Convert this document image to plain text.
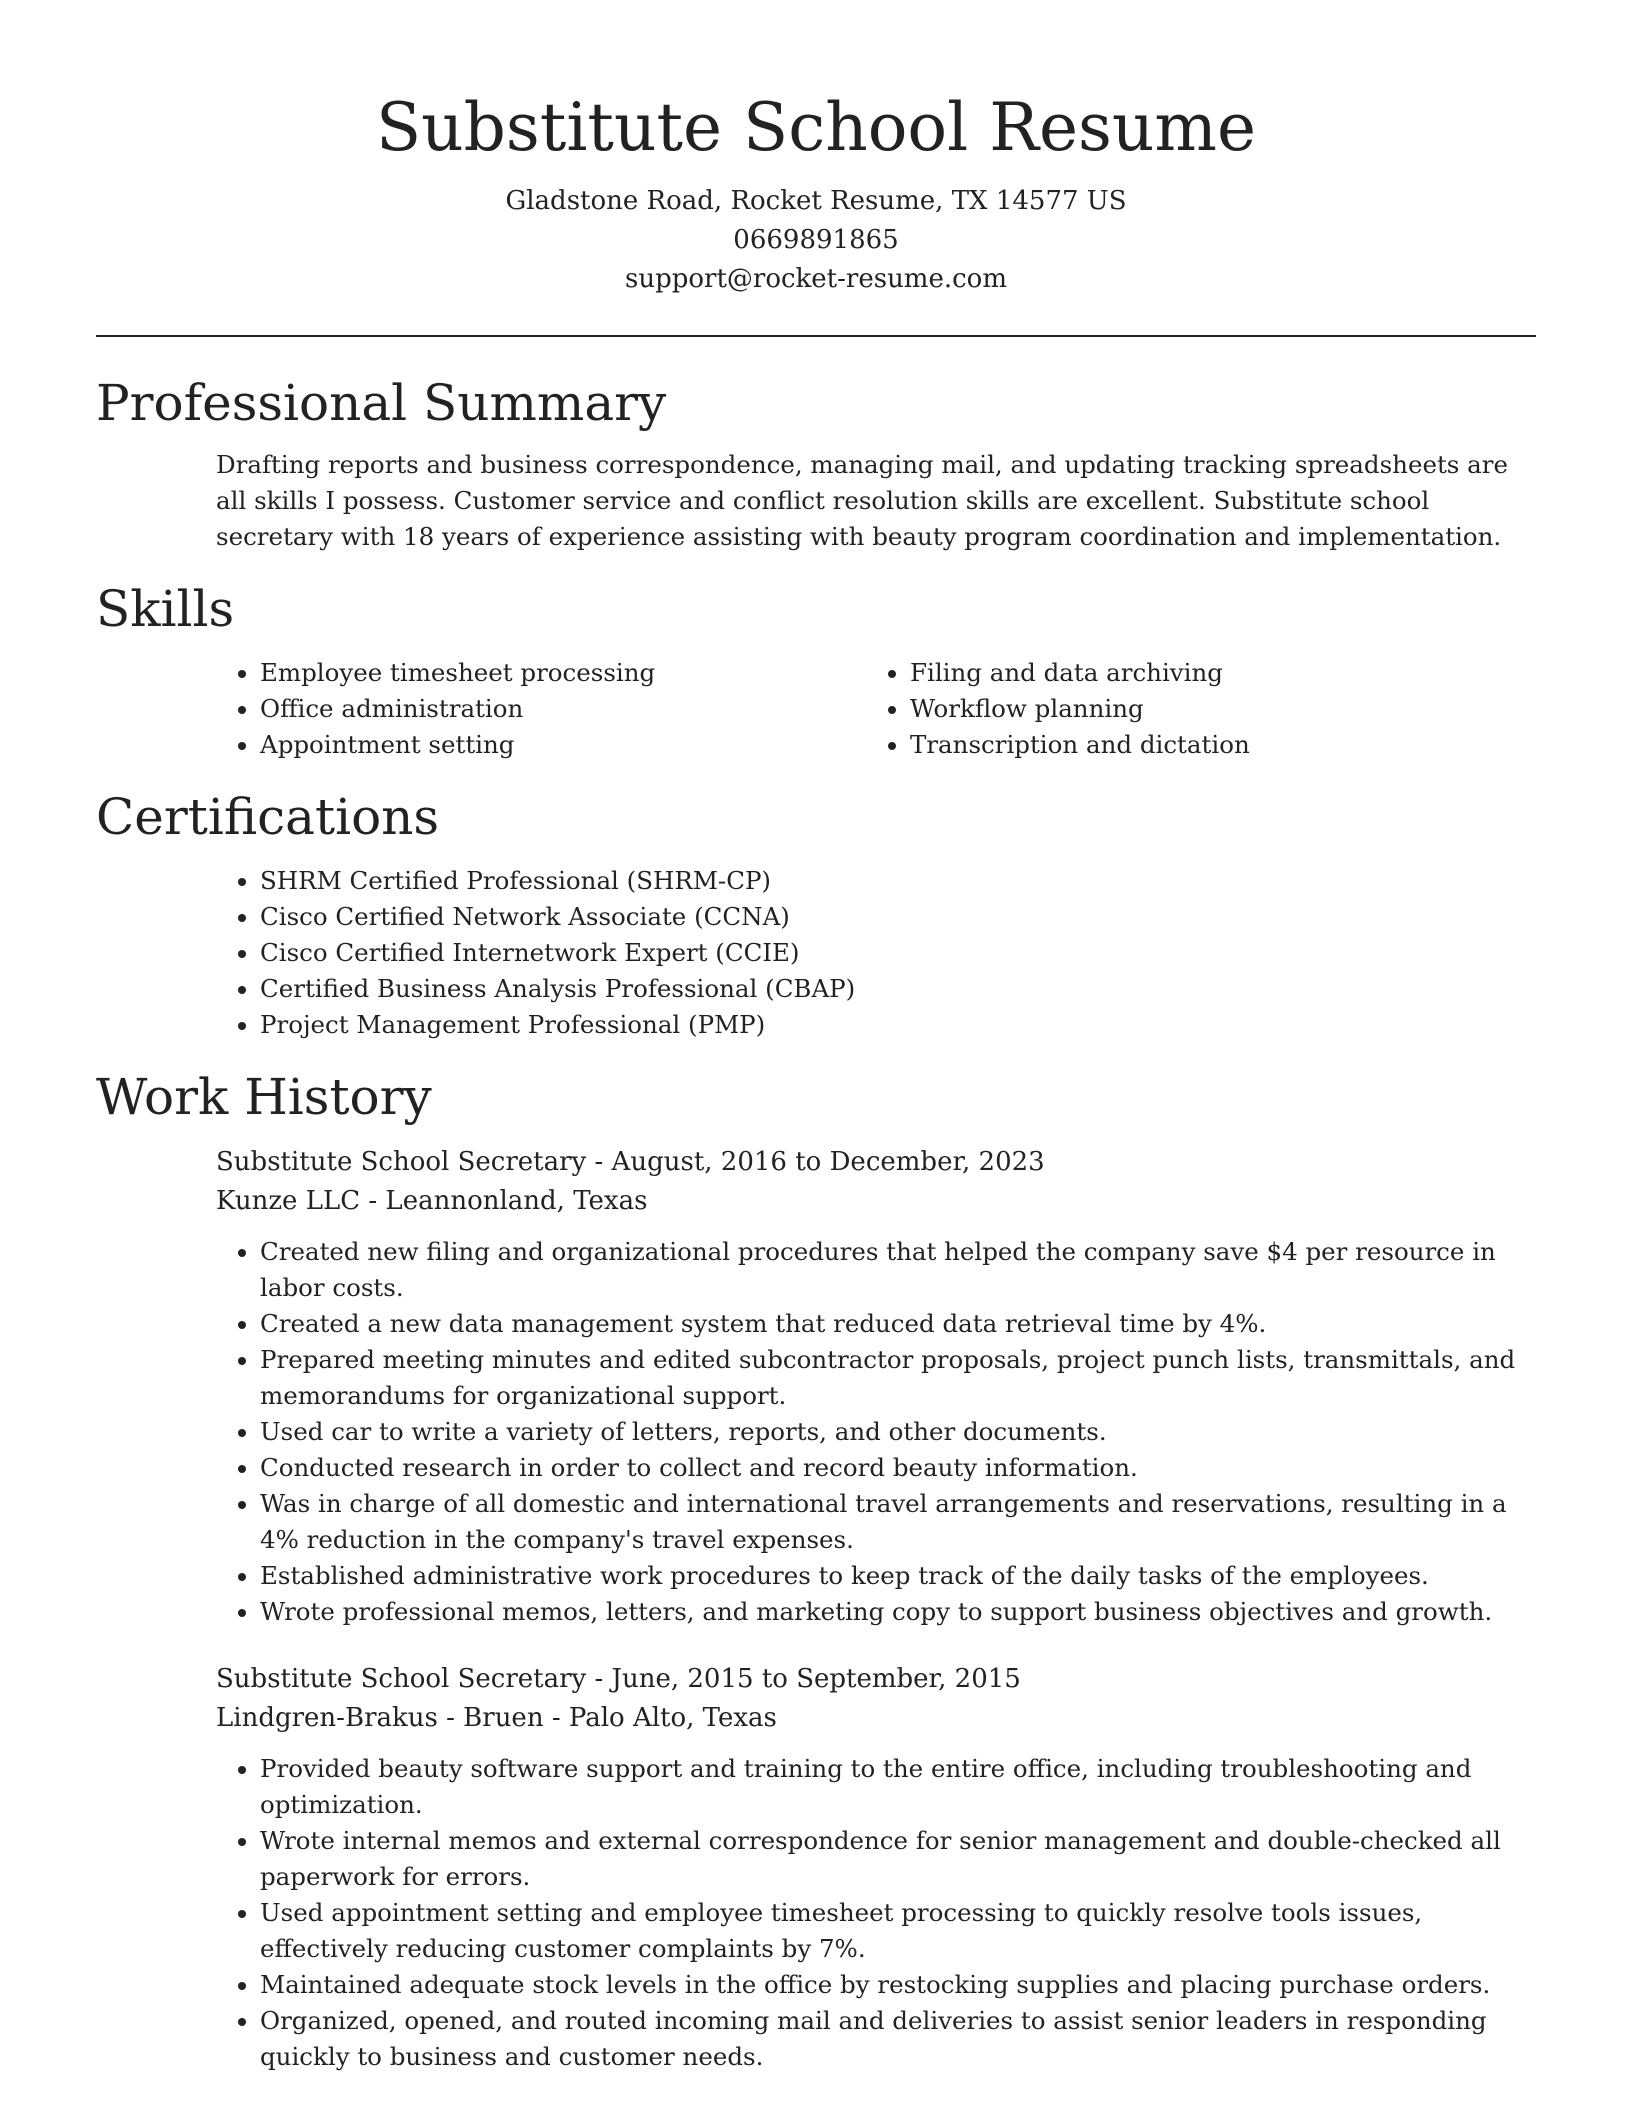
Substitute School Resume

Gladstone Road, Rocket Resume, TX 14577 US

0669891865

support@rocket-resume.com

Professional Summary

Drafting reports and business correspondence, managing mail, and updating tracking spreadsheets are all skills I possess. Customer service and conflict resolution skills are excellent. Substitute school secretary with 18 years of experience assisting with beauty program coordination and implementation.

Skills
• Employee timesheet processing
• Office administration
• Appointment setting
• Filing and data archiving
• Workflow planning
• Transcription and dictation
Certifications
• SHRM Certified Professional (SHRM-CP)
• Cisco Certified Network Associate (CCNA)
• Cisco Certified Internetwork Expert (CCIE)
• Certified Business Analysis Professional (CBAP)
• Project Management Professional (PMP)
Work History

Substitute School Secretary - August, 2016 to December, 2023

Kunze LLC - Leannonland, Texas

• Created new filing and organizational procedures that helped the company save $4 per resource in labor costs.
• Created a new data management system that reduced data retrieval time by 4%.
• Prepared meeting minutes and edited subcontractor proposals, project punch lists, transmittals, and memorandums for organizational support.
• Used car to write a variety of letters, reports, and other documents.
• Conducted research in order to collect and record beauty information.
• Was in charge of all domestic and international travel arrangements and reservations, resulting in a 4% reduction in the company's travel expenses.
• Established administrative work procedures to keep track of the daily tasks of the employees.
• Wrote professional memos, letters, and marketing copy to support business objectives and growth.

Substitute School Secretary - June, 2015 to September, 2015

Lindgren-Brakus - Bruen - Palo Alto, Texas

• Provided beauty software support and training to the entire office, including troubleshooting and optimization.
• Wrote internal memos and external correspondence for senior management and double-checked all paperwork for errors.
• Used appointment setting and employee timesheet processing to quickly resolve tools issues, effectively reducing customer complaints by 7%.
• Maintained adequate stock levels in the office by restocking supplies and placing purchase orders.
• Organized, opened, and routed incoming mail and deliveries to assist senior leaders in responding quickly to business and customer needs.
